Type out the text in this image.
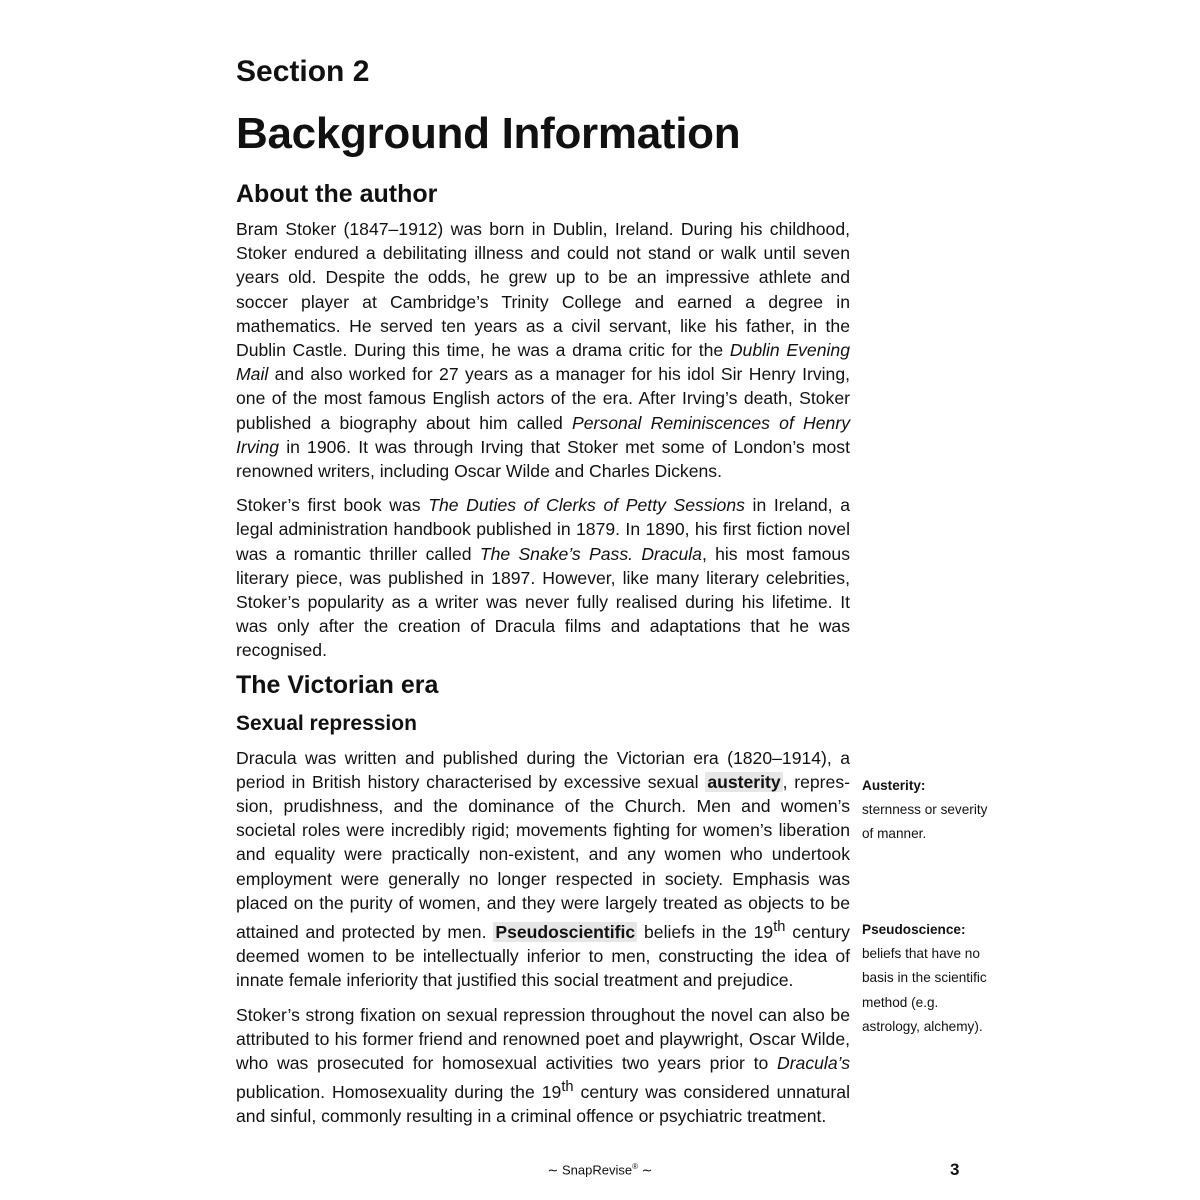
Section 2
Background Information
About the author

Bram Stoker (1847–1912) was born in Dublin, Ireland. During his childhood, Stoker endured a debilitating illness and could not stand or walk until seven years old. Despite the odds, he grew up to be an impressive athlete and soccer player at Cambridge’s Trinity College and earned a degree in mathematics. He served ten years as a civil servant, like his father, in the Dublin Castle. During this time, he was a drama critic for the Dublin Evening Mail and also worked for 27 years as a manager for his idol Sir Henry Irving, one of the most famous English actors of the era. After Irving’s death, Stoker published a biography about him called Personal Reminiscences of Henry Irving in 1906. It was through Irving that Stoker met some of London’s most renowned writers, including Oscar Wilde and Charles Dickens.

Stoker’s first book was The Duties of Clerks of Petty Sessions in Ireland, a legal administration handbook published in 1879. In 1890, his first fiction novel was a romantic thriller called The Snake’s Pass. Dracula, his most famous literary piece, was published in 1897. However, like many literary celebrities, Stoker’s popularity as a writer was never fully realised during his lifetime. It was only after the creation of Dracula films and adaptations that he was recognised.

The Victorian era
Sexual repression

Dracula was written and published during the Victorian era (1820–1914), a period in British history characterised by excessive sexual austerity , repression, prudishness, and the dominance of the Church. Men and women’s societal roles were incredibly rigid; movements fighting for women’s liberation and equality were practically non-existent, and any women who undertook employment were generally no longer respected in society. Emphasis was placed on the purity of women, and they were largely treated as objects to be attained and protected by men. Pseudoscientific beliefs in the 19th century deemed women to be intellectually inferior to men, constructing the idea of innate female inferiority that justified this social treatment and prejudice.

Stoker’s strong fixation on sexual repression throughout the novel can also be attributed to his former friend and renowned poet and playwright, Oscar Wilde, who was prosecuted for homosexual activities two years prior to Dracula’s publication. Homosexuality during the 19th century was considered unnatural and sinful, commonly resulting in a criminal offence or psychiatric treatment.

Austerity:
sternness or severity of manner.
Pseudoscience:
beliefs that have no basis in the scientific method (e.g. astrology, alchemy).
∼ SnapRevise® ∼	3
